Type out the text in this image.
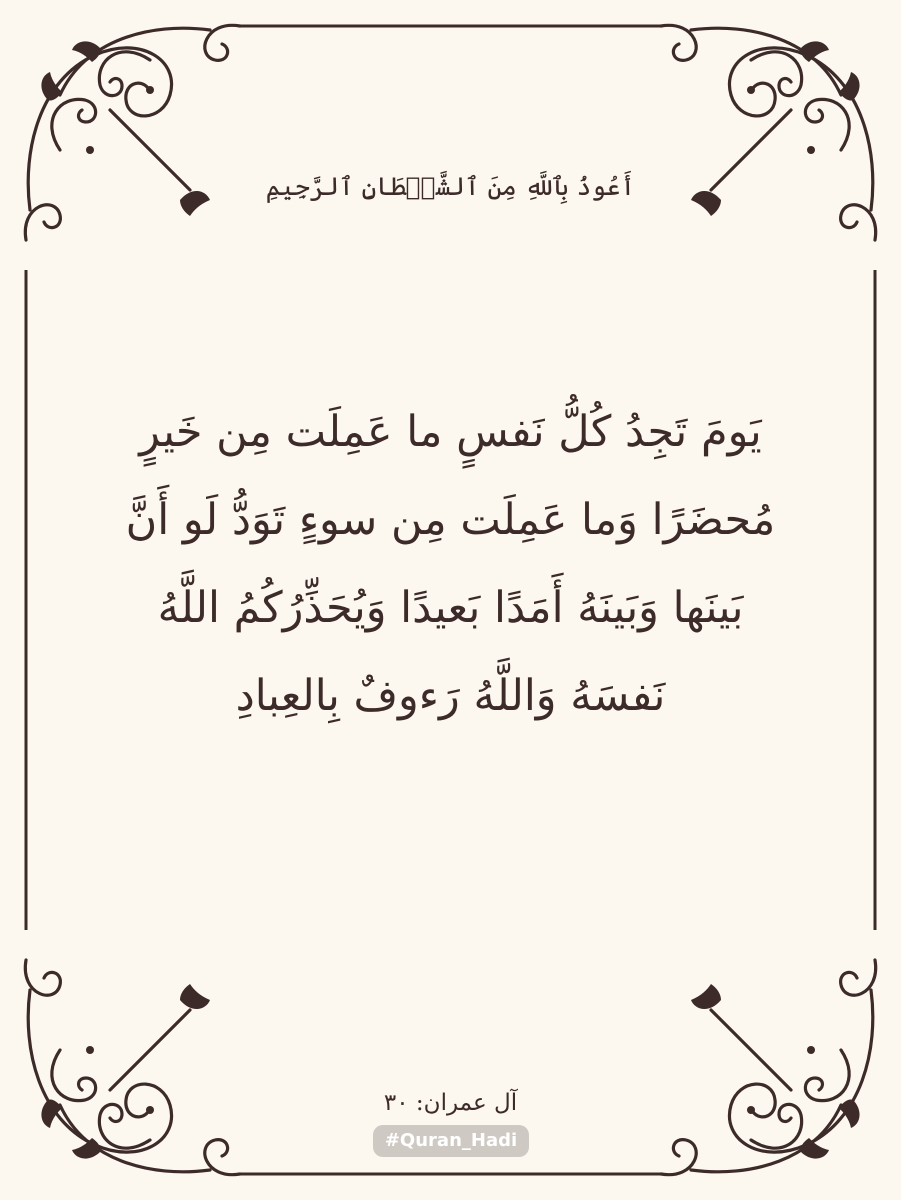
أَعُوذُ بِٱللَّهِ مِنَ ٱلشَّيۡطَانِ ٱلرَّجِيمِ
يَومَ تَجِدُ كُلُّ نَفسٍ ما عَمِلَت مِن خَيرٍ
مُحضَرًا وَما عَمِلَت مِن سوءٍ تَوَدُّ لَو أَنَّ
بَينَها وَبَينَهُ أَمَدًا بَعيدًا وَيُحَذِّرُكُمُ اللَّهُ
نَفسَهُ وَاللَّهُ رَءوفٌ بِالعِبادِ
آل عمران: ٣٠
#Quran_Hadi
